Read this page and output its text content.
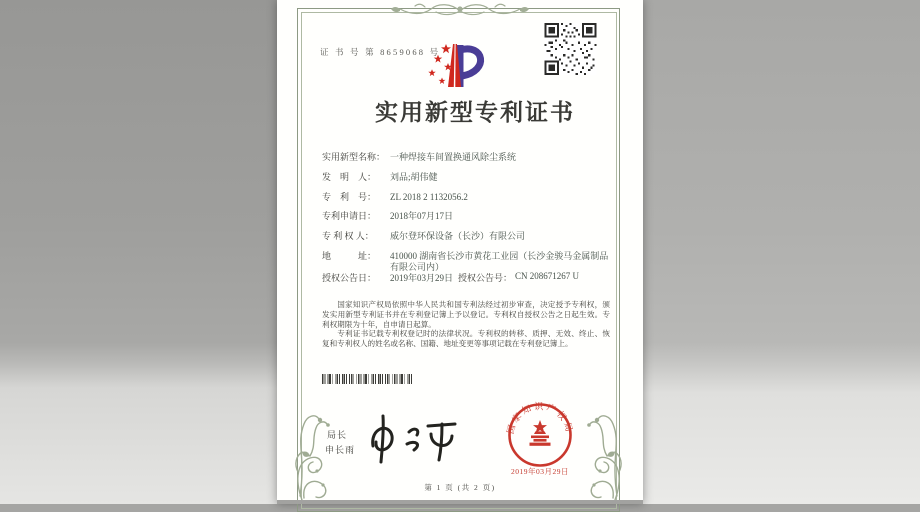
证 书 号 第 8659068 号
实用新型专利证书
实用新型名称： 一种焊接车间置换通风除尘系统
发　明　人： 刘品;胡伟健
专　利　号： ZL 2018 2 1132056.2
专利申请日： 2018年07月17日
专 利 权 人： 威尔登环保设备（长沙）有限公司
地　　　址： 410000 湖南省长沙市黄花工业园（长沙金骏马金属制品有限公司内）
授权公告日： 2019年03月29日 授权公告号： CN 208671267 U

国家知识产权局依照中华人民共和国专利法经过初步审查，决定授予专利权，颁发实用新型专利证书并在专利登记簿上予以登记。专利权自授权公告之日起生效。专利权期限为十年，自申请日起算。

专利证书记载专利权登记时的法律状况。专利权的转移、质押、无效、终止、恢复和专利权人的姓名或名称、国籍、地址变更等事项记载在专利登记簿上。

局长
申长雨
国家知识产权局
2019年03月29日
第 1 页 (共 2 页)
